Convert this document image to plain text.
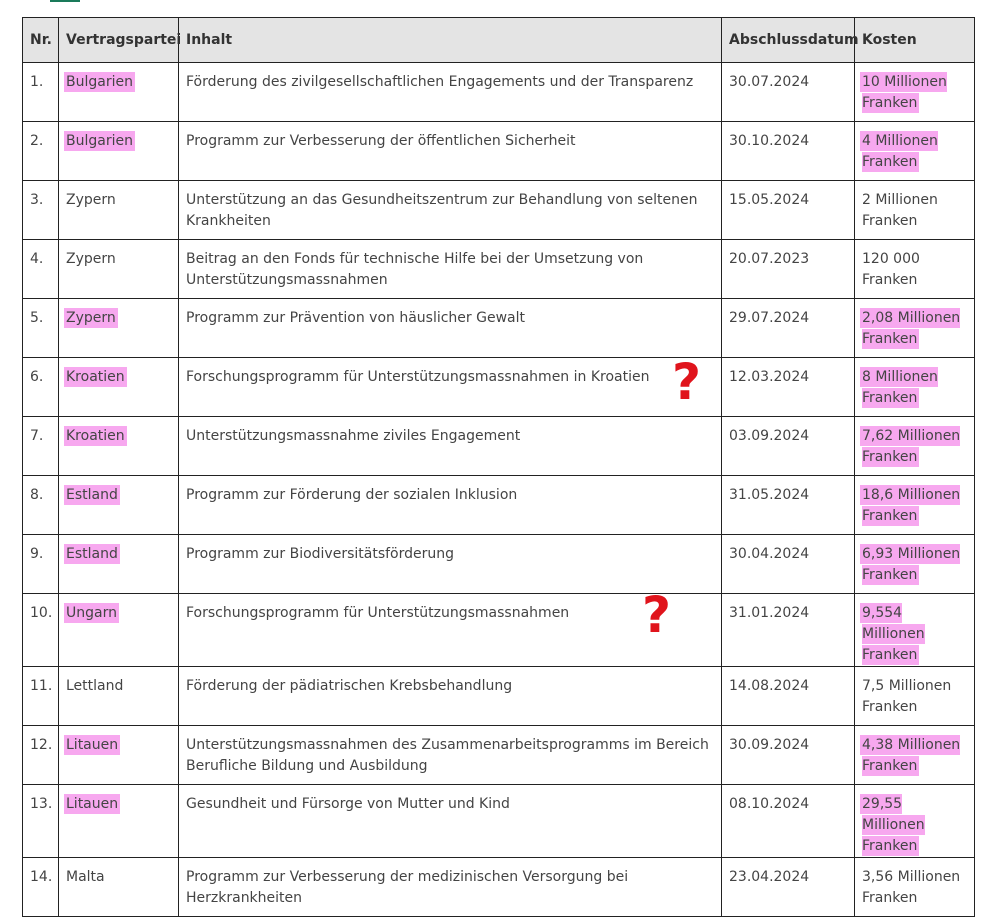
Nr.	Vertragspartei	Inhalt	Abschlussdatum	Kosten
1.	Bulgarien	Förderung des zivilgesellschaftlichen Engagements und der Transparenz	30.07.2024	10 Millionen Franken
2.	Bulgarien	Programm zur Verbesserung der öffentlichen Sicherheit	30.10.2024	4 Millionen Franken
3.	Zypern	Unterstützung an das Gesundheitszentrum zur Behandlung von seltenen Krankheiten	15.05.2024	2 Millionen Franken
4.	Zypern	Beitrag an den Fonds für technische Hilfe bei der Umsetzung von Unterstützungsmassnahmen	20.07.2023	120 000 Franken
5.	Zypern	Programm zur Prävention von häuslicher Gewalt	29.07.2024	2,08 Millionen Franken
6.	Kroatien	Forschungsprogramm für Unterstützungsmassnahmen in Kroatien	12.03.2024	8 Millionen Franken
7.	Kroatien	Unterstützungsmassnahme ziviles Engagement	03.09.2024	7,62 Millionen Franken
8.	Estland	Programm zur Förderung der sozialen Inklusion	31.05.2024	18,6 Millionen Franken
9.	Estland	Programm zur Biodiversitätsförderung	30.04.2024	6,93 Millionen Franken
10.	Ungarn	Forschungsprogramm für Unterstützungsmassnahmen	31.01.2024	9,554 Millionen Franken
11.	Lettland	Förderung der pädiatrischen Krebsbehandlung	14.08.2024	7,5 Millionen Franken
12.	Litauen	Unterstützungsmassnahmen des Zusammenarbeitsprogramms im Bereich Berufliche Bildung und Ausbildung	30.09.2024	4,38 Millionen Franken
13.	Litauen	Gesundheit und Fürsorge von Mutter und Kind	08.10.2024	29,55 Millionen Franken
14.	Malta	Programm zur Verbesserung der medizinischen Versorgung bei Herzkrankheiten	23.04.2024	3,56 Millionen Franken
?
?
